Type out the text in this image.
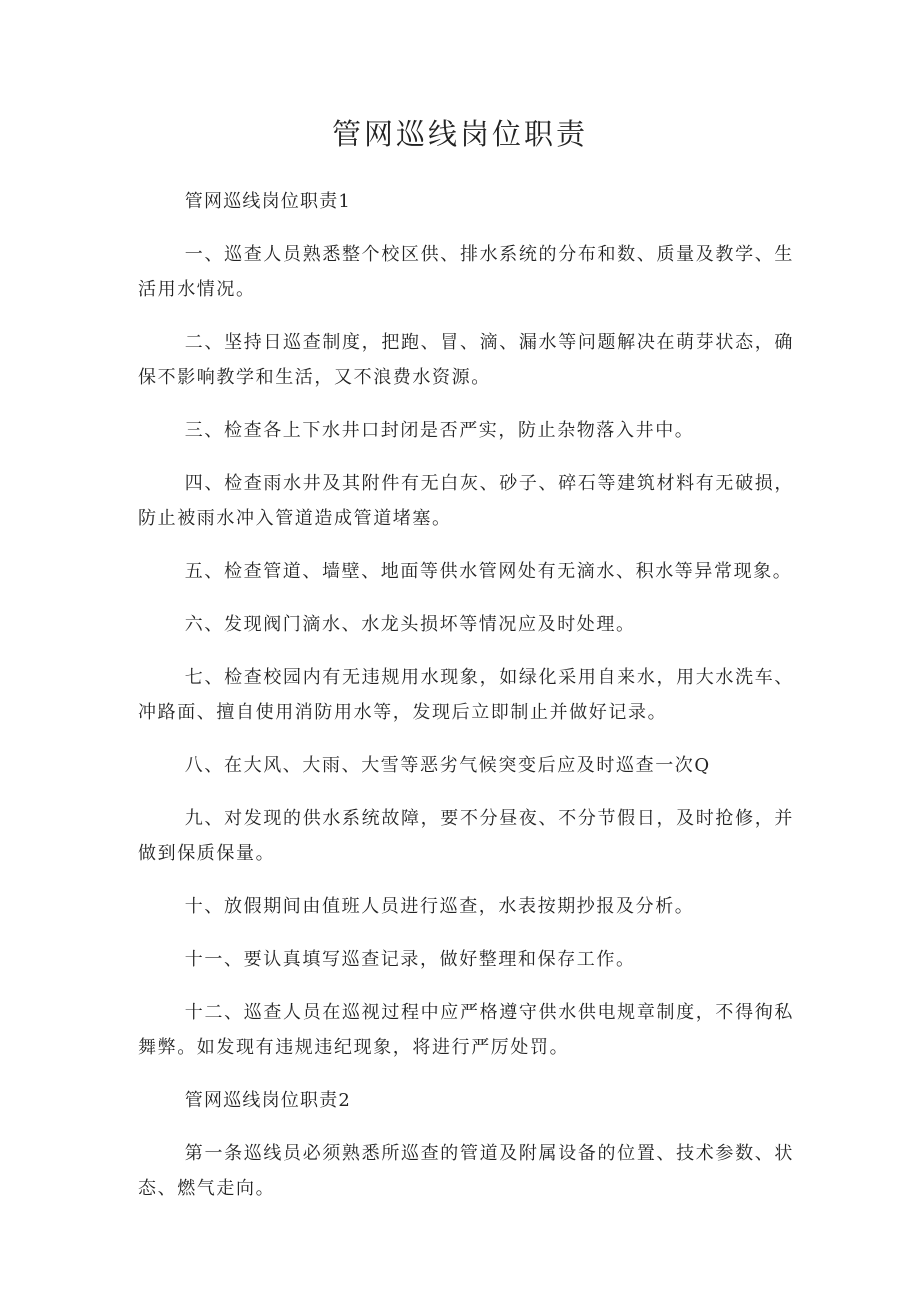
管网巡线岗位职责

管网巡线岗位职责1

一、巡查人员熟悉整个校区供、排水系统的分布和数、质量及教学、生活用水情况。

二、坚持日巡查制度，把跑、冒、滴、漏水等问题解决在萌芽状态，确保不影响教学和生活，又不浪费水资源。

三、检查各上下水井口封闭是否严实，防止杂物落入井中。

四、检查雨水井及其附件有无白灰、砂子、碎石等建筑材料有无破损，防止被雨水冲入管道造成管道堵塞。

五、检查管道、墙壁、地面等供水管网处有无滴水、积水等异常现象。

六、发现阀门滴水、水龙头损坏等情况应及时处理。

七、检查校园内有无违规用水现象，如绿化采用自来水，用大水洗车、冲路面、擅自使用消防用水等，发现后立即制止并做好记录。

八、在大风、大雨、大雪等恶劣气候突变后应及时巡查一次Q

九、对发现的供水系统故障，要不分昼夜、不分节假日，及时抢修，并做到保质保量。

十、放假期间由值班人员进行巡查，水表按期抄报及分析。

十一、要认真填写巡查记录，做好整理和保存工作。

十二、巡查人员在巡视过程中应严格遵守供水供电规章制度，不得徇私舞弊。如发现有违规违纪现象，将进行严厉处罚。

管网巡线岗位职责2

第一条巡线员必须熟悉所巡查的管道及附属设备的位置、技术参数、状态、燃气走向。
